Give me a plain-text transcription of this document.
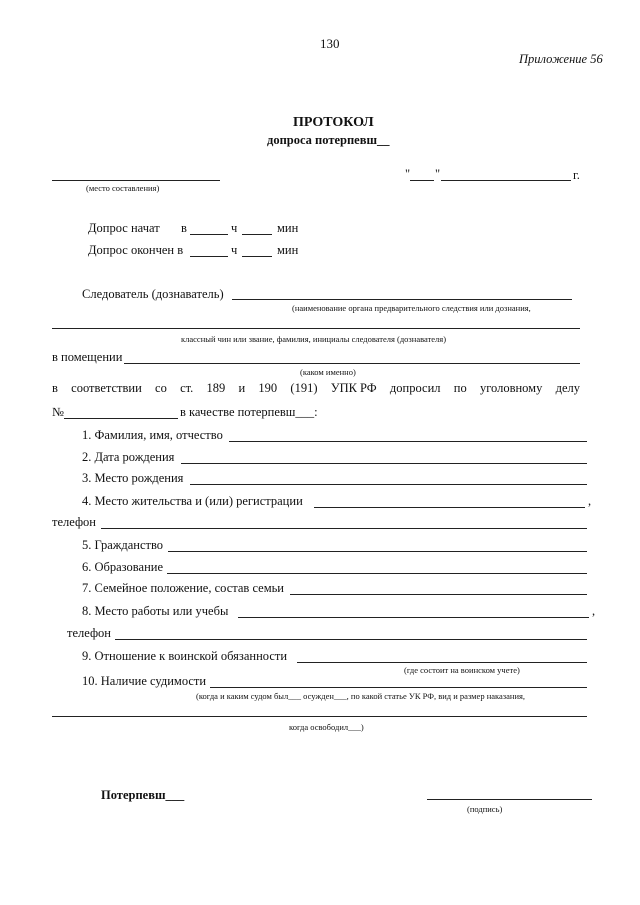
130
Приложение 56
ПРОТОКОЛ
допроса потерпевш__
(место составления)
" "	г.
Допрос начат в	ч	мин
Допрос окончен в	ч	мин
Следователь (дознаватель)
(наименование органа предварительного следствия или дознания,
классный чин или звание, фамилия, инициалы следователя (дознавателя)
в помещении
(каком именно)
в соответствии со ст. 189 и 190 (191) УПК РФ допросил по уголовному делу
№	в качестве потерпевш___:
1. Фамилия, имя, отчество
2. Дата рождения
3. Место рождения
4. Место жительства и (или) регистрации	,
телефон
5. Гражданство
6. Образование
7. Семейное положение, состав семьи
8. Место работы или учебы	,
телефон
9. Отношение к воинской обязанности
(где состоит на воинском учете)
10. Наличие судимости
(когда и каким судом был___ осужден___, по какой статье УК РФ, вид и размер наказания,
когда освободил___)
Потерпевш___
(подпись)
